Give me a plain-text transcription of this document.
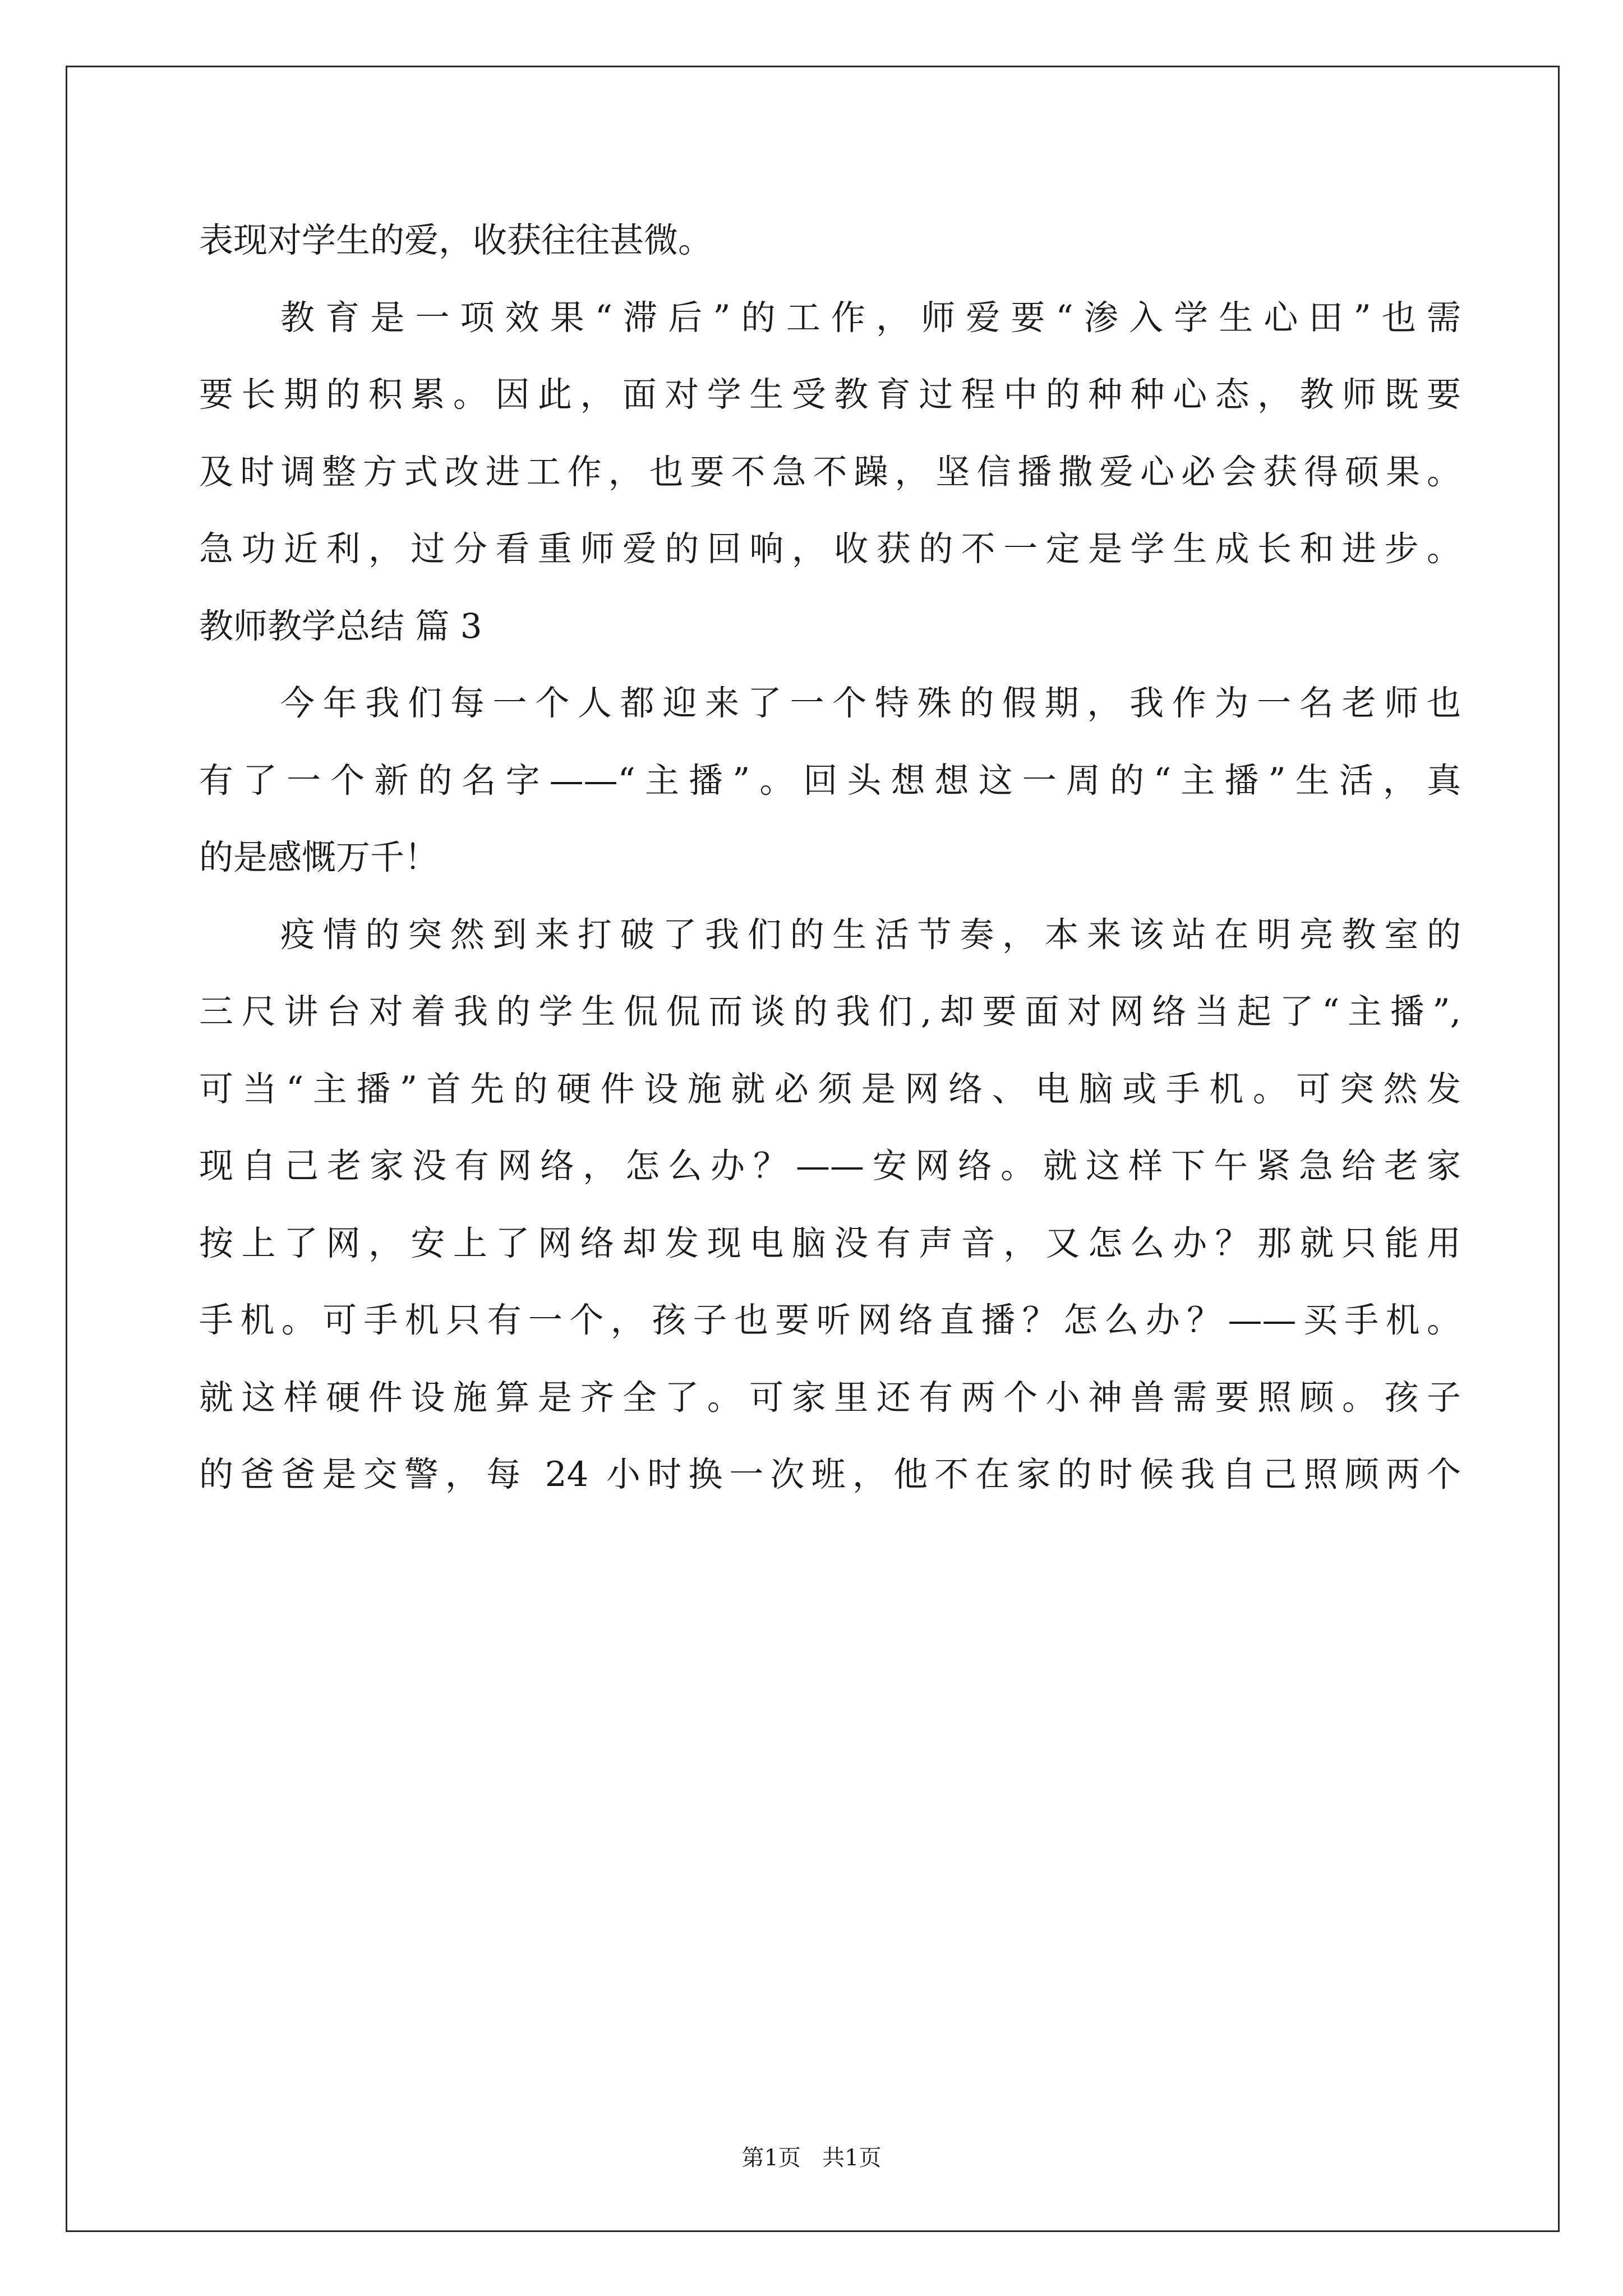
表现对学生的爱，收获往往甚微。
教育是一项效果“滞后”的工作，师爱要“渗入学生心田”也需
要长期的积累。因此，面对学生受教育过程中的种种心态，教师既要
及时调整方式改进工作，也要不急不躁，坚信播撒爱心必会获得硕果。
急功近利，过分看重师爱的回响，收获的不一定是学生成长和进步。
教师教学总结 篇 3
今年我们每一个人都迎来了一个特殊的假期，我作为一名老师也
有了一个新的名字——“主播”。回头想想这一周的“主播”生活，真
的是感慨万千！
疫情的突然到来打破了我们的生活节奏，本来该站在明亮教室的
三尺讲台对着我的学生侃侃而谈的我们,却要面对网络当起了“主播”,
可当“主播”首先的硬件设施就必须是网络、电脑或手机。可突然发
现自己老家没有网络，怎么办？——安网络。就这样下午紧急给老家
按上了网，安上了网络却发现电脑没有声音，又怎么办？那就只能用
手机。可手机只有一个，孩子也要听网络直播？怎么办？——买手机。
就这样硬件设施算是齐全了。可家里还有两个小神兽需要照顾。孩子
的爸爸是交警，每 24 小时换一次班，他不在家的时候我自己照顾两个
第1页   共1页
